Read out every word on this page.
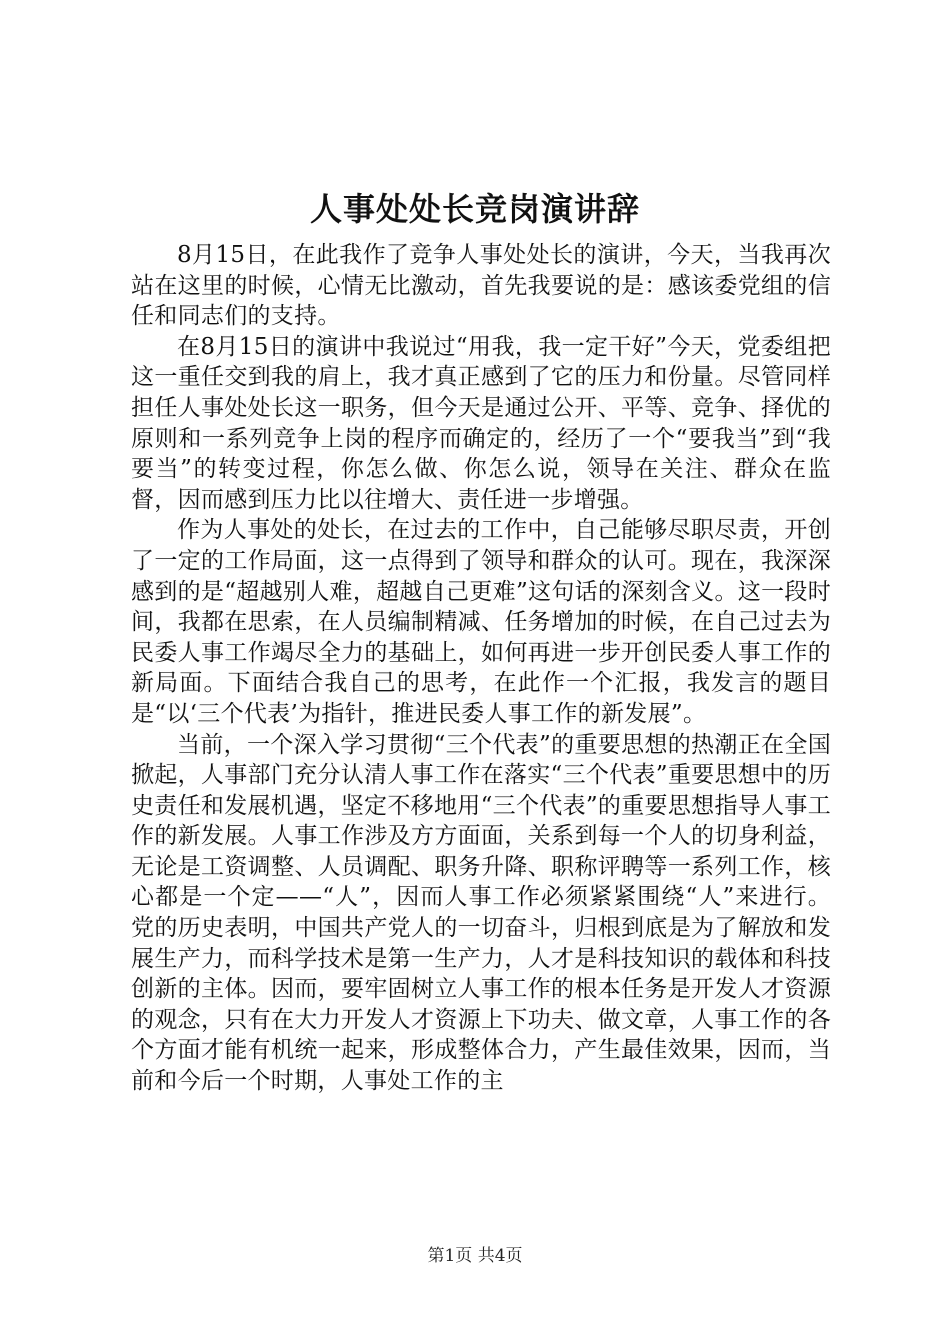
人事处处长竞岗演讲辞

8月15日，在此我作了竞争人事处处长的演讲，今天，当我再次站在这里的时候，心情无比激动，首先我要说的是：感该委党组的信任和同志们的支持。

在8月15日的演讲中我说过“用我，我一定干好”今天，党委组把这一重任交到我的肩上，我才真正感到了它的压力和份量。尽管同样担任人事处处长这一职务，但今天是通过公开、平等、竞争、择优的原则和一系列竞争上岗的程序而确定的，经历了一个“要我当”到“我要当”的转变过程，你怎么做、你怎么说，领导在关注、群众在监督，因而感到压力比以往增大、责任进一步增强。

作为人事处的处长，在过去的工作中，自己能够尽职尽责，开创了一定的工作局面，这一点得到了领导和群众的认可。现在，我深深感到的是“超越别人难，超越自己更难”这句话的深刻含义。这一段时间，我都在思索，在人员编制精减、任务增加的时候，在自己过去为民委人事工作竭尽全力的基础上，如何再进一步开创民委人事工作的新局面。下面结合我自己的思考，在此作一个汇报，我发言的题目是“以‘三个代表’为指针，推进民委人事工作的新发展”。

当前，一个深入学习贯彻“三个代表”的重要思想的热潮正在全国掀起，人事部门充分认清人事工作在落实“三个代表”重要思想中的历史责任和发展机遇，坚定不移地用“三个代表”的重要思想指导人事工作的新发展。人事工作涉及方方面面，关系到每一个人的切身利益，无论是工资调整、人员调配、职务升降、职称评聘等一系列工作，核心都是一个定——“人”，因而人事工作必须紧紧围绕“人”来进行。党的历史表明，中国共产党人的一切奋斗，归根到底是为了解放和发展生产力，而科学技术是第一生产力，人才是科技知识的载体和科技创新的主体。因而，要牢固树立人事工作的根本任务是开发人才资源的观念，只有在大力开发人才资源上下功夫、做文章，人事工作的各个方面才能有机统一起来，形成整体合力，产生最佳效果，因而，当前和今后一个时期，人事处工作的主

第1页 共4页
